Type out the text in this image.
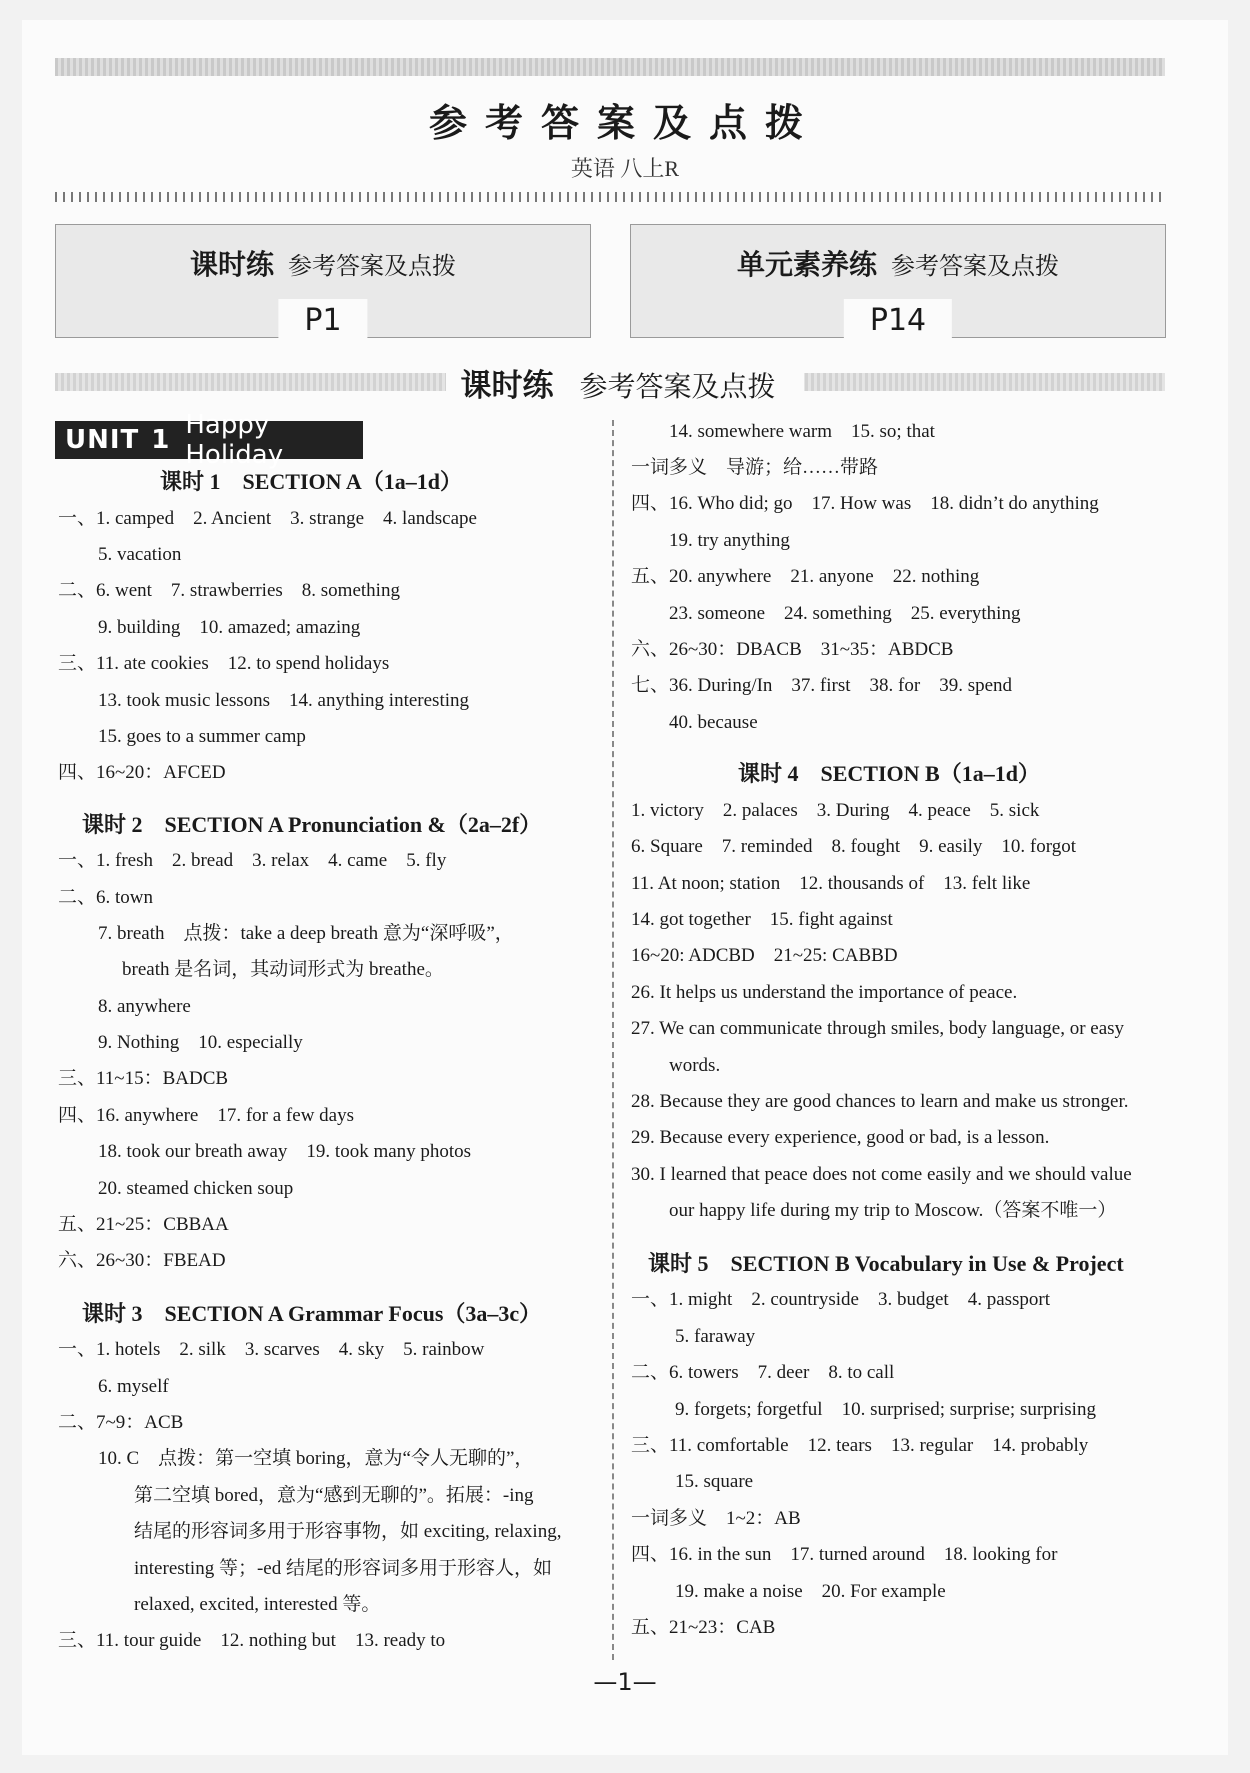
参考答案及点拨
英语 八上R
课时练 参考答案及点拨
P1
单元素养练 参考答案及点拨
P14
课时练 参考答案及点拨
UNIT 1 Happy Holiday
课时 1　SECTION A（1a–1d）
一、1. camped　2. Ancient　3. strange　4. landscape
5. vacation
二、6. went　7. strawberries　8. something
9. building　10. amazed; amazing
三、11. ate cookies　12. to spend holidays
13. took music lessons　14. anything interesting
15. goes to a summer camp
四、16~20：AFCED
课时 2　SECTION A Pronunciation &（2a–2f）
一、1. fresh　2. bread　3. relax　4. came　5. fly
二、6. town
7. breath　点拨：take a deep breath 意为“深呼吸”，
breath 是名词，其动词形式为 breathe。
8. anywhere
9. Nothing　10. especially
三、11~15：BADCB
四、16. anywhere　17. for a few days
18. took our breath away　19. took many photos
20. steamed chicken soup
五、21~25：CBBAA
六、26~30：FBEAD
课时 3　SECTION A Grammar Focus（3a–3c）
一、1. hotels　2. silk　3. scarves　4. sky　5. rainbow
6. myself
二、7~9：ACB
10. C　点拨：第一空填 boring，意为“令人无聊的”，
第二空填 bored，意为“感到无聊的”。拓展：-ing
结尾的形容词多用于形容事物，如 exciting, relaxing,
interesting 等；-ed 结尾的形容词多用于形容人，如
relaxed, excited, interested 等。
三、11. tour guide　12. nothing but　13. ready to
14. somewhere warm　15. so; that
一词多义　导游；给……带路
四、16. Who did; go　17. How was　18. didn’t do anything
19. try anything
五、20. anywhere　21. anyone　22. nothing
23. someone　24. something　25. everything
六、26~30：DBACB　31~35：ABDCB
七、36. During/In　37. first　38. for　39. spend
40. because
课时 4　SECTION B（1a–1d）
1. victory　2. palaces　3. During　4. peace　5. sick
6. Square　7. reminded　8. fought　9. easily　10. forgot
11. At noon; station　12. thousands of　13. felt like
14. got together　15. fight against
16~20: ADCBD　21~25: CABBD
26. It helps us understand the importance of peace.
27. We can communicate through smiles, body language, or easy
words.
28. Because they are good chances to learn and make us stronger.
29. Because every experience, good or bad, is a lesson.
30. I learned that peace does not come easily and we should value
our happy life during my trip to Moscow.（答案不唯一）
课时 5　SECTION B Vocabulary in Use & Project
一、1. might　2. countryside　3. budget　4. passport
5. faraway
二、6. towers　7. deer　8. to call
9. forgets; forgetful　10. surprised; surprise; surprising
三、11. comfortable　12. tears　13. regular　14. probably
15. square
一词多义　1~2：AB
四、16. in the sun　17. turned around　18. looking for
19. make a noise　20. For example
五、21~23：CAB
—1—
